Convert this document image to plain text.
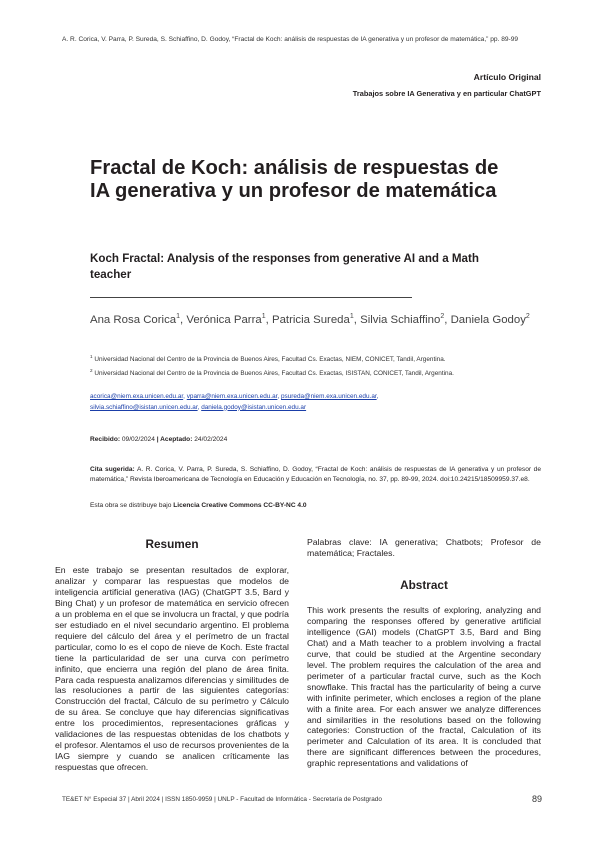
A. R. Corica, V. Parra, P. Sureda, S. Schiaffino, D. Godoy, “Fractal de Koch: análisis de respuestas de IA generativa y un profesor de matemática,” pp. 89-99
Artículo Original
Trabajos sobre IA Generativa y en particular ChatGPT
Fractal de Koch: análisis de respuestas de IA generativa y un profesor de matemática
Koch Fractal: Analysis of the responses from generative AI and a Math teacher
Ana Rosa Corica$^1$, Verónica Parra$^1$, Patricia Sureda$^1$, Silvia Schiaffino$^2$, Daniela Godoy$^2$
$^1$ Universidad Nacional del Centro de la Provincia de Buenos Aires, Facultad Cs. Exactas, NIEM, CONICET, Tandil, Argentina.
$^2$ Universidad Nacional del Centro de la Provincia de Buenos Aires, Facultad Cs. Exactas, ISISTAN, CONICET, Tandil, Argentina.
acorica@niem.exa.unicen.edu.ar, vparra@niem.exa.unicen.edu.ar, psureda@niem.exa.unicen.edu.ar,
silvia.schiaffino@isistan.unicen.edu.ar, daniela.godoy@isistan.unicen.edu.ar
Recibido: 09/02/2024 | Aceptado: 24/02/2024
Cita sugerida: A. R. Corica, V. Parra, P. Sureda, S. Schiaffino, D. Godoy, “Fractal de Koch: análisis de respuestas de IA generativa y un profesor de matemática,” Revista Iberoamericana de Tecnología en Educación y Educación en Tecnología, no. 37, pp. 89-99, 2024. doi:10.24215/18509959.37.e8.
Esta obra se distribuye bajo Licencia Creative Commons CC-BY-NC 4.0
Resumen
En este trabajo se presentan resultados de explorar, analizar y comparar las respuestas que modelos de inteligencia artificial generativa (IAG) (ChatGPT 3.5, Bard y Bing Chat) y un profesor de matemática en servicio ofrecen a un problema en el que se involucra un fractal, y que podría ser estudiado en el nivel secundario argentino. El problema requiere del cálculo del área y el perímetro de un fractal particular, como lo es el copo de nieve de Koch. Este fractal tiene la particularidad de ser una curva con perímetro infinito, que encierra una región del plano de área finita. Para cada respuesta analizamos diferencias y similitudes de las resoluciones a partir de las siguientes categorías: Construcción del fractal, Cálculo de su perímetro y Cálculo de su área. Se concluye que hay diferencias significativas entre los procedimientos, representaciones gráficas y validaciones de las respuestas obtenidas de los chatbots y el profesor. Alentamos el uso de recursos provenientes de la IAG siempre y cuando se analicen críticamente las respuestas que ofrecen.
Palabras clave: IA generativa; Chatbots; Profesor de matemática; Fractales.
Abstract
This work presents the results of exploring, analyzing and comparing the responses offered by generative artificial intelligence (GAI) models (ChatGPT 3.5, Bard and Bing Chat) and a Math teacher to a problem involving a fractal curve, that could be studied at the Argentine secondary level. The problem requires the calculation of the area and perimeter of a particular fractal curve, such as the Koch snowflake. This fractal has the particularity of being a curve with infinite perimeter, which encloses a region of the plane with a finite area. For each answer we analyze differences and similarities in the resolutions based on the following categories: Construction of the fractal, Calculation of its perimeter and Calculation of its area. It is concluded that there are significant differences between the procedures, graphic representations and validations of
TE&ET N° Especial 37 | Abril 2024 | ISSN 1850-9959 | UNLP - Facultad de Informática - Secretaría de Postgrado	89
